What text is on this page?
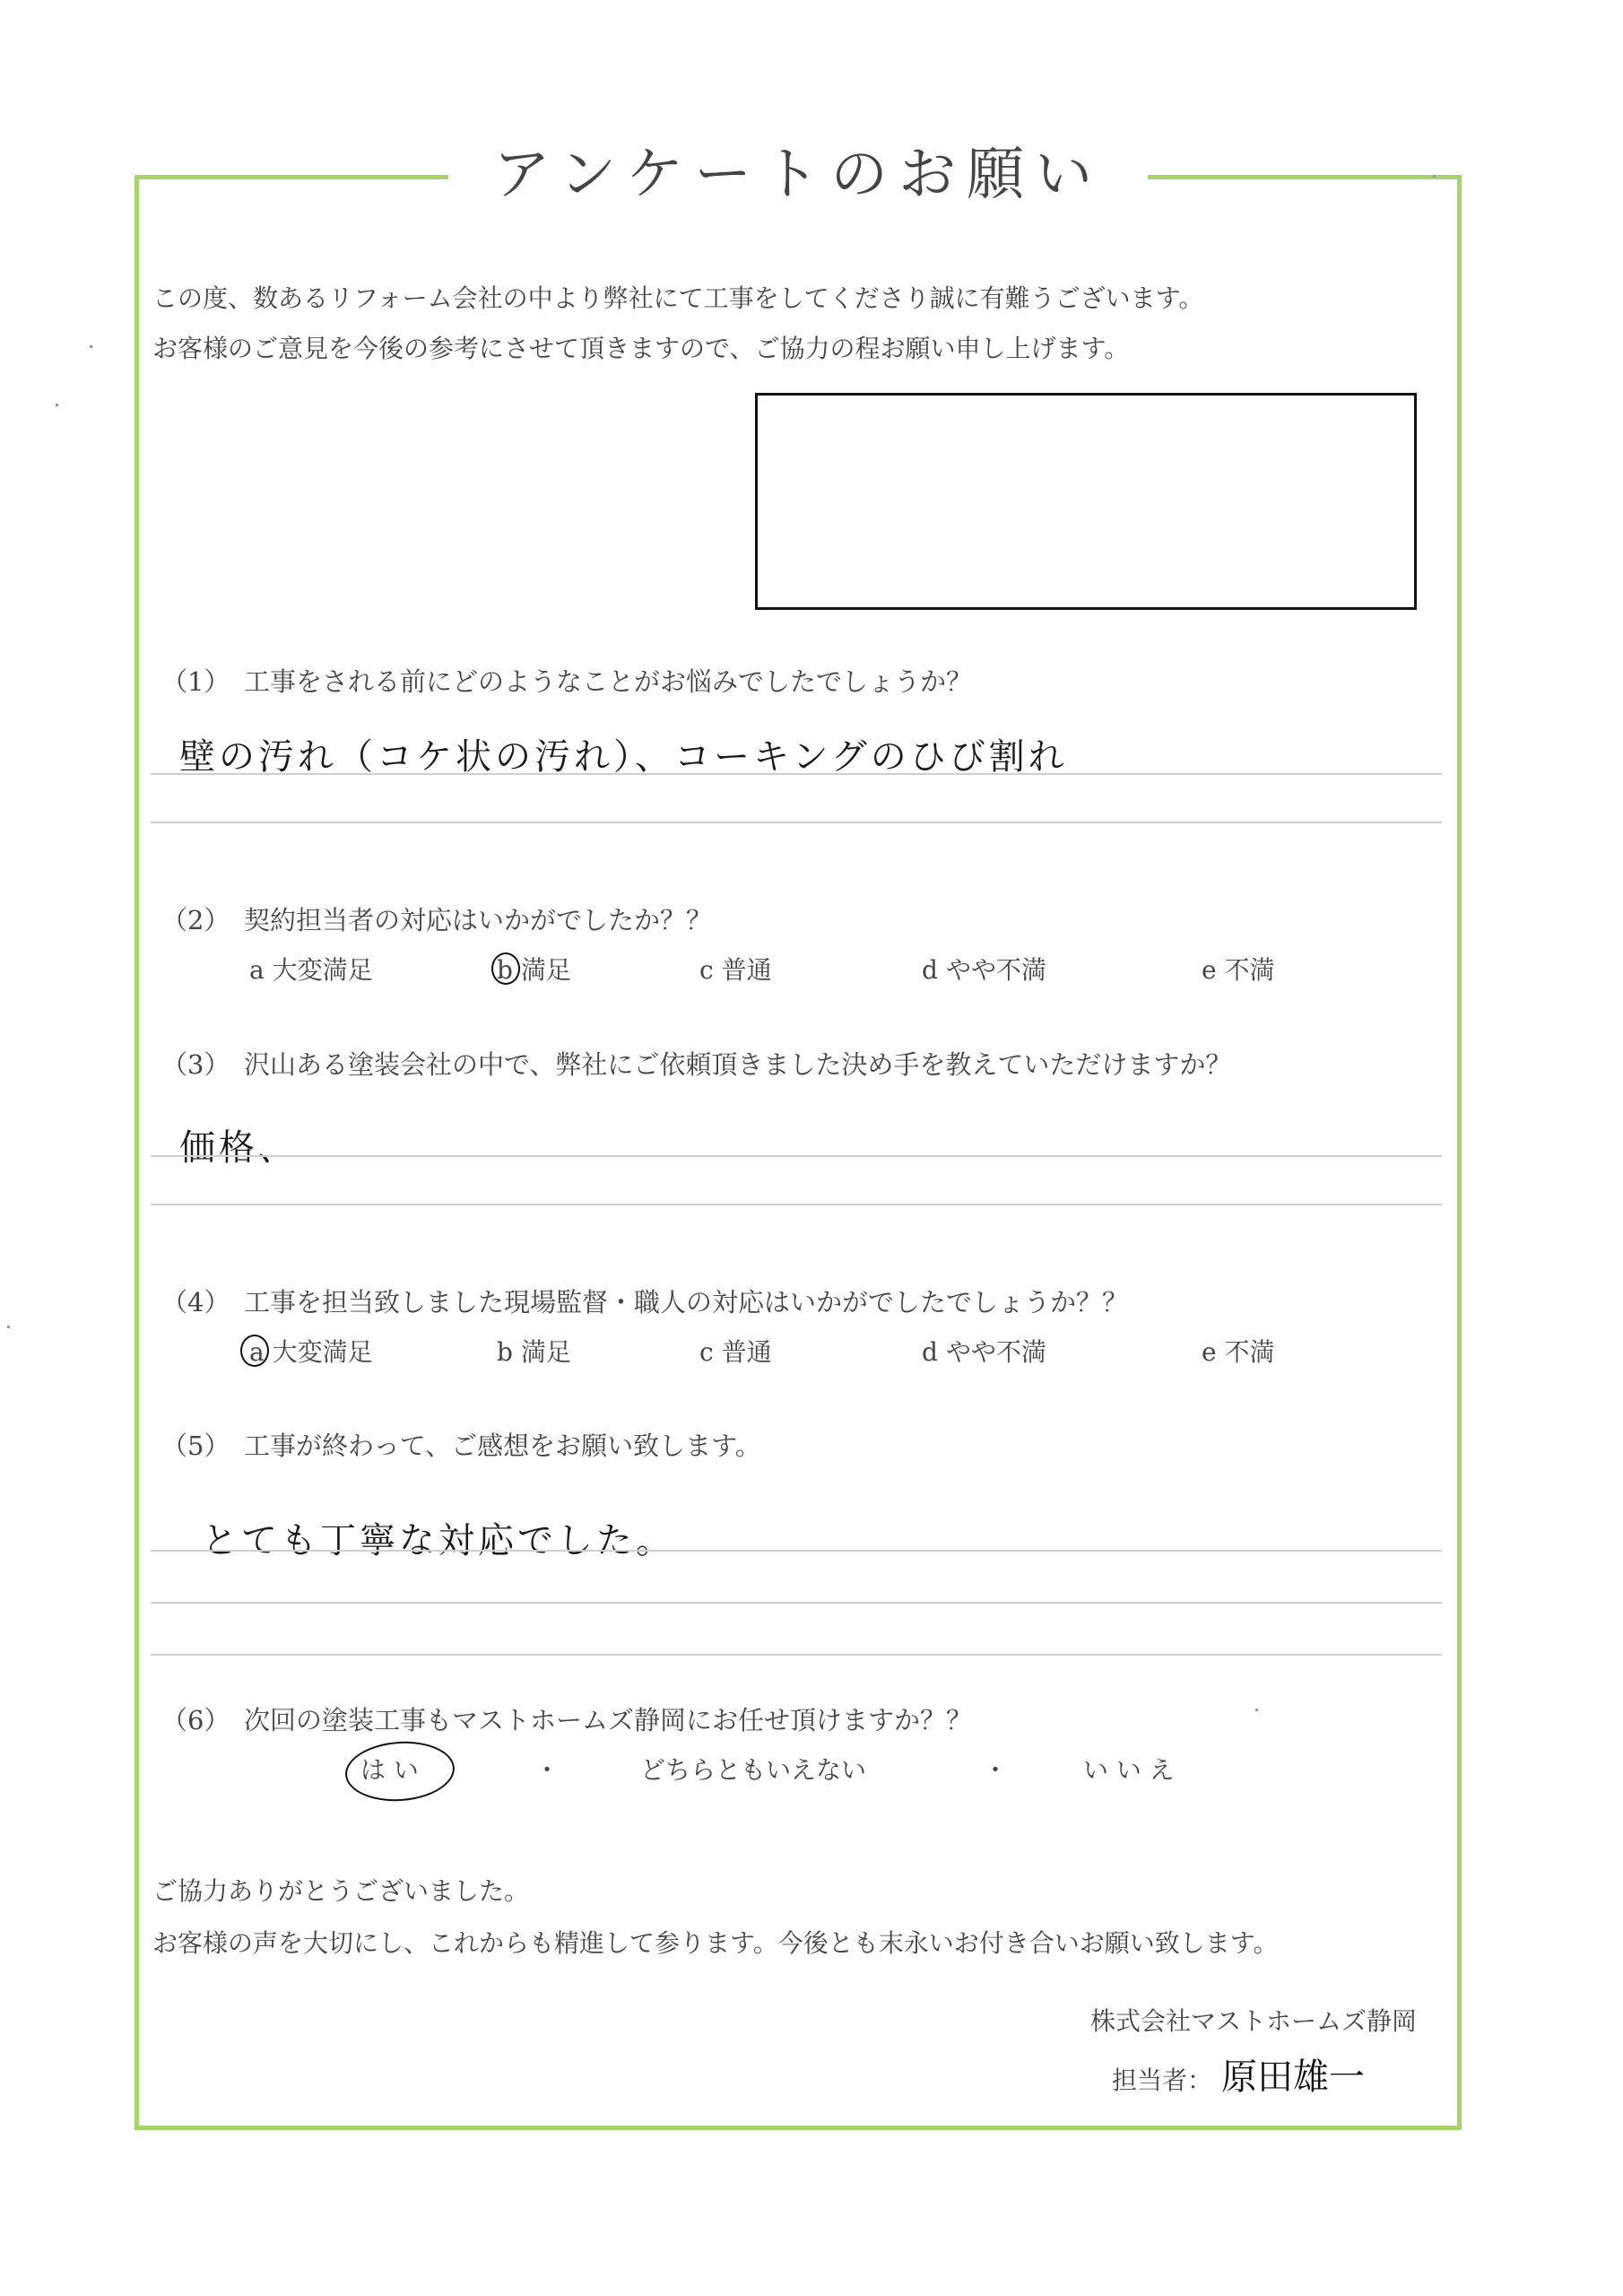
アンケートのお願い
この度、数あるリフォーム会社の中より弊社にて工事をしてくださり誠に有難うございます。
お客様のご意見を今後の参考にさせて頂きますので、ご協力の程お願い申し上げます。
（1） 工事をされる前にどのようなことがお悩みでしたでしょうか？
壁の汚れ（コケ状の汚れ）、コーキングのひび割れ
（2） 契約担当者の対応はいかがでしたか？？
a 大変満足	b 満足	c 普通	d やや不満	e 不満
（3） 沢山ある塗装会社の中で、弊社にご依頼頂きました決め手を教えていただけますか？
価格、
（4） 工事を担当致しました現場監督・職人の対応はいかがでしたでしょうか？？
a 大変満足	b 満足	c 普通	d やや不満	e 不満
（5） 工事が終わって、ご感想をお願い致します。
とても丁寧な対応でした。
（6） 次回の塗装工事もマストホームズ静岡にお任せ頂けますか？？
は い	・	どちらともいえない	・	い い え
ご協力ありがとうございました。
お客様の声を大切にし、これからも精進して参ります。今後とも末永いお付き合いお願い致します。
株式会社マストホームズ静岡
担当者： 原田雄一
